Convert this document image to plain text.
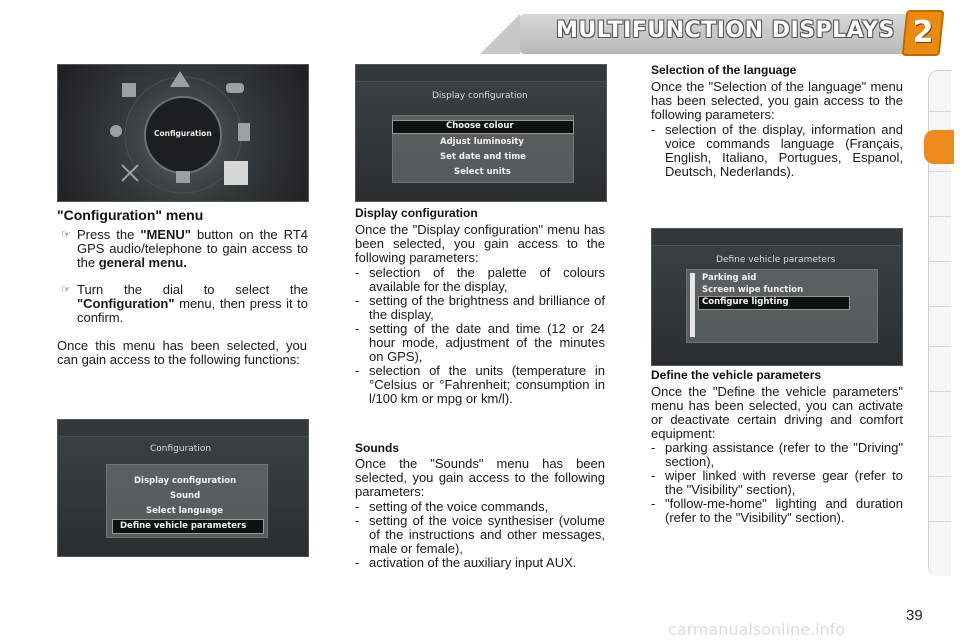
MULTIFUNCTION DISPLAYS 2
Configuration
"Configuration" menu
☞ Press the "MENU" button on the RT4 GPS audio/telephone to gain access to the general menu.
☞ Turn the dial to select the "Configuration" menu, then press it to confirm.
Once this menu has been selected, you can gain access to the following functions:
Configuration
Display configuration
Sound
Select language
Define vehicle parameters
Display configuration
Choose colour
Adjust luminosity
Set date and time
Select units
Display configuration
Once the "Display configuration" menu has been selected, you gain access to the following parameters:
- selection of the palette of colours available for the display,
- setting of the brightness and brilliance of the display,
- setting of the date and time (12 or 24 hour mode, adjustment of the minutes on GPS),
- selection of the units (temperature in °Celsius or °Fahrenheit; consumption in l/100 km or mpg or km/l).
Sounds
Once the "Sounds" menu has been selected, you gain access to the following parameters:
- setting of the voice commands,
- setting of the voice synthesiser (volume of the instructions and other messages, male or female),
- activation of the auxiliary input AUX.
Selection of the language
Once the "Selection of the language" menu has been selected, you gain access to the following parameters:
- selection of the display, information and voice commands language (Français, English, Italiano, Portugues, Espanol, Deutsch, Nederlands).
Define vehicle parameters
Parking aid
Screen wipe function
Configure lighting
Define the vehicle parameters
Once the "Define the vehicle parameters" menu has been selected, you can activate or deactivate certain driving and comfort equipment:
- parking assistance (refer to the "Driving" section),
- wiper linked with reverse gear (refer to the "Visibility" section),
- "follow-me-home" lighting and duration (refer to the "Visibility" section).
39
carmanualsonline.info
